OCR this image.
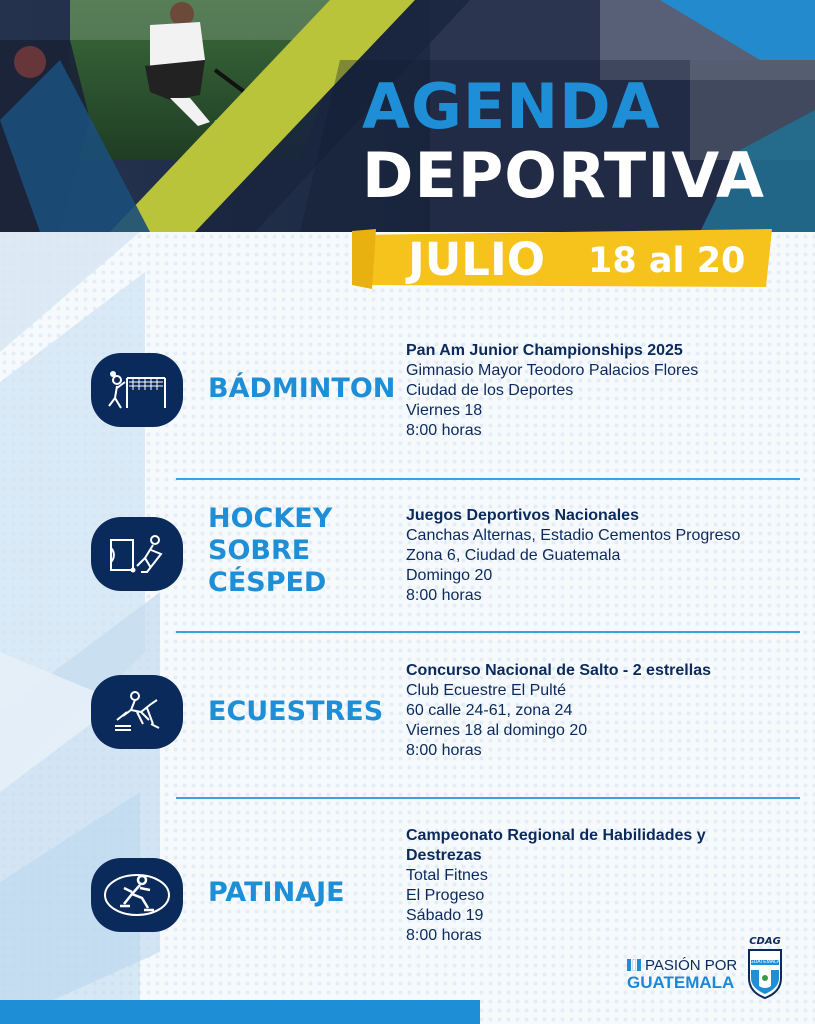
AGENDA
DEPORTIVA
JULIO 18 al 20
BÁDMINTON
Pan Am Junior Championships 2025
Gimnasio Mayor Teodoro Palacios Flores
Ciudad de los Deportes
Viernes 18
8:00 horas
HOCKEY
SOBRE
CÉSPED
Juegos Deportivos Nacionales
Canchas Alternas, Estadio Cementos Progreso
Zona 6, Ciudad de Guatemala
Domingo 20
8:00 horas
ECUESTRES
Concurso Nacional de Salto - 2 estrellas
Club Ecuestre El Pulté
60 calle 24-61, zona 24
Viernes 18 al domingo 20
8:00 horas
PATINAJE
Campeonato Regional de Habilidades y
Destrezas
Total Fitnes
El Progeso
Sábado 19
8:00 horas
PASIÓN POR
GUATEMALA
CDAG
GUATEMALA
